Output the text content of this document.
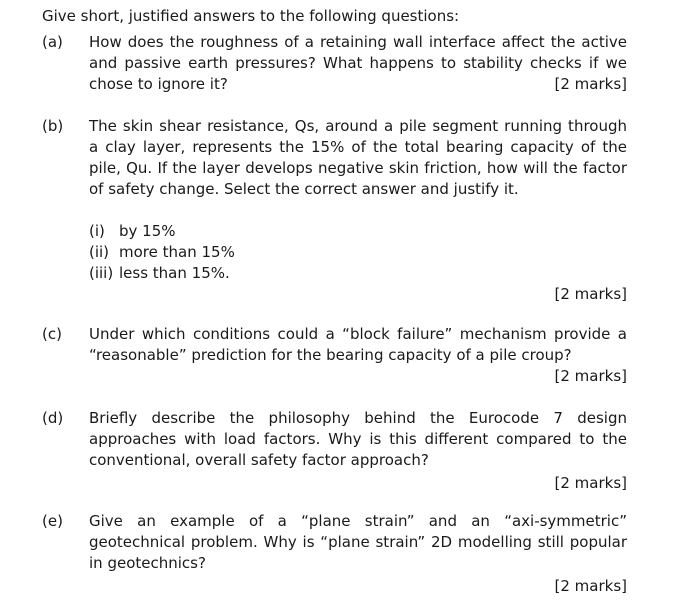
Give short, justified answers to the following questions:
(a) How does the roughness of a retaining wall interface affect the active and passive earth pressures? What happens to stability checks if we chose to ignore it?	[2 marks]
(b) The skin shear resistance, Qs, around a pile segment running through a clay layer, represents the 15% of the total bearing capacity of the pile, Qu. If the layer develops negative skin friction, how will the factor of safety change. Select the correct answer and justify it.
(i) by 15%
(ii) more than 15%
(iii) less than 15%.
[2 marks]
(c) Under which conditions could a “block failure” mechanism provide a “reasonable” prediction for the bearing capacity of a pile croup?
[2 marks]
(d) Briefly describe the philosophy behind the Eurocode 7 design approaches with load factors. Why is this different compared to the conventional, overall safety factor approach?
[2 marks]
(e) Give an example of a “plane strain” and an “axi-symmetric” geotechnical problem. Why is “plane strain” 2D modelling still popular in geotechnics?
[2 marks]
